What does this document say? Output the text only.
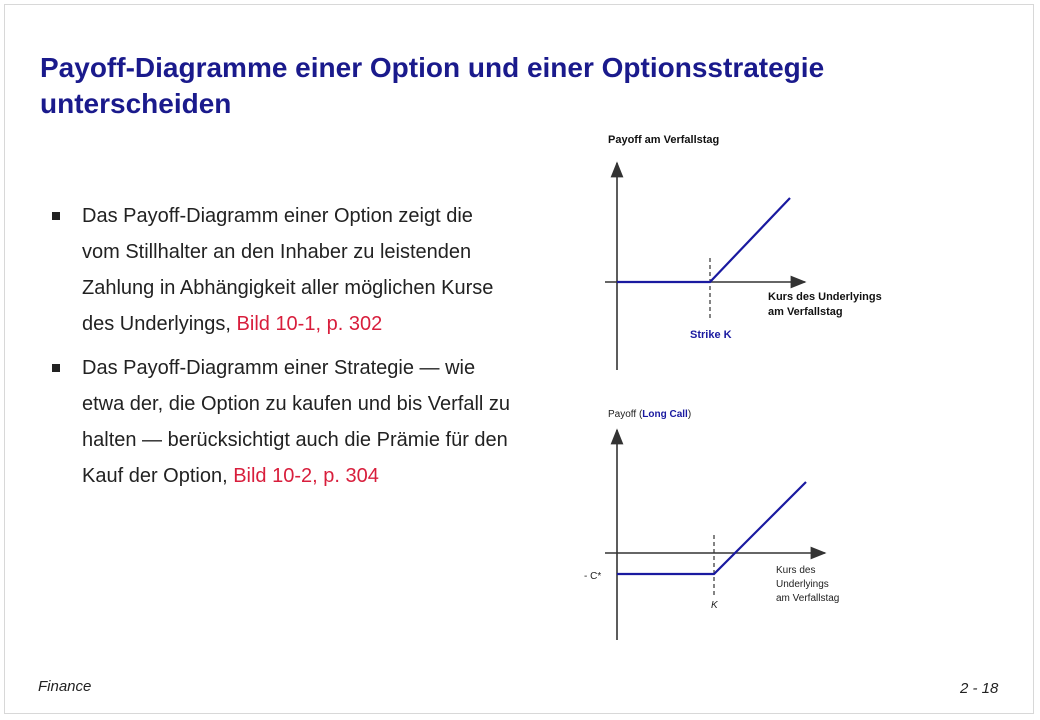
Payoff-Diagramme einer Option und einer Optionsstrategie unterscheiden
Das Payoff-Diagramm einer Option zeigt die vom Stillhalter an den Inhaber zu leistenden Zahlung in Abhängigkeit aller möglichen Kurse des Underlyings, Bild 10-1, p. 302
Das Payoff-Diagramm einer Strategie — wie etwa der, die Option zu kaufen und bis Verfall zu halten — berücksichtigt auch die Prämie für den Kauf der Option, Bild 10-2, p. 304
Payoff am Verfallstag
Kurs des Underlyings
am Verfallstag
Strike K
Payoff (Long Call)
- C*
K
Kurs des
Underlyings
am Verfallstag
Finance	2 - 18
